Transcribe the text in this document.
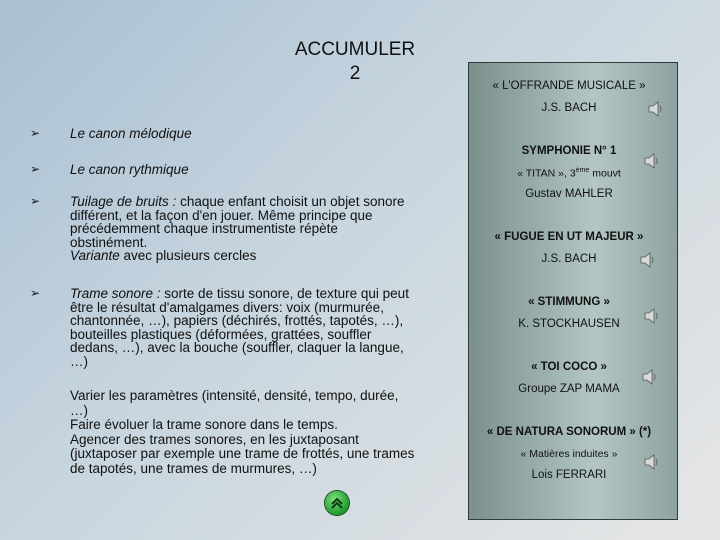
ACCUMULER
2
➢ Le canon mélodique
➢ Le canon rythmique
➢ Tuilage de bruits : chaque enfant choisit un objet sonore différent, et la façon d'en jouer. Même principe que précédemment chaque instrumentiste répète obstinément.
Variante avec plusieurs cercles
➢ Trame sonore : sorte de tissu sonore, de texture qui peut être le résultat d'amalgames divers: voix (murmurée, chantonnée, …), papiers (déchirés, frottés, tapotés, …), bouteilles plastiques (déformées, grattées, souffler dedans, …), avec la bouche (souffler, claquer la langue, …)
Varier les paramètres (intensité, densité, tempo, durée, …)
Faire évoluer la trame sonore dans le temps.
Agencer des trames sonores, en les juxtaposant (juxtaposer par exemple une trame de frottés, une trames de tapotés, une trames de murmures, …)
« L'OFFRANDE MUSICALE »
J.S. BACH
SYMPHONIE N° 1
« TITAN », 3ème mouvt
Gustav MAHLER
« FUGUE EN UT MAJEUR »
J.S. BACH
« STIMMUNG »
K. STOCKHAUSEN
« TOI COCO »
Groupe ZAP MAMA
« DE NATURA SONORUM » (*)
« Matières induites »
Lois FERRARI
